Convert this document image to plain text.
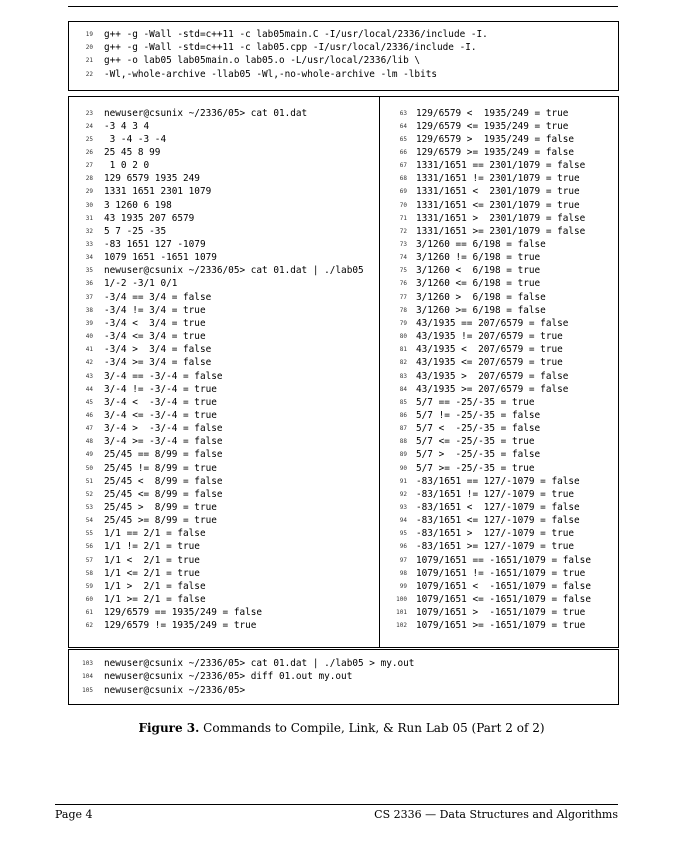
19 g++ -g -Wall -std=c++11 -c lab05main.C -I/usr/local/2336/include -I.
20 g++ -g -Wall -std=c++11 -c lab05.cpp -I/usr/local/2336/include -I.
21 g++ -o lab05 lab05main.o lab05.o -L/usr/local/2336/lib \
22 -Wl,-whole-archive -llab05 -Wl,-no-whole-archive -lm -lbits
23 newuser@csunix ~/2336/05> cat 01.dat
24 -3 4 3 4
25 3 -4 -3 -4
26 25 45 8 99
27 1 0 2 0
28 129 6579 1935 249
29 1331 1651 2301 1079
30 3 1260 6 198
31 43 1935 207 6579
32 5 7 -25 -35
33 -83 1651 127 -1079
34 1079 1651 -1651 1079
35 newuser@csunix ~/2336/05> cat 01.dat | ./lab05
36 1/-2 -3/1 0/1
37 -3/4 == 3/4 = false
38 -3/4 != 3/4 = true
39 -3/4 <  3/4 = true
40 -3/4 <= 3/4 = true
41 -3/4 >  3/4 = false
42 -3/4 >= 3/4 = false
43 3/-4 == -3/-4 = false
44 3/-4 != -3/-4 = true
45 3/-4 <  -3/-4 = true
46 3/-4 <= -3/-4 = true
47 3/-4 >  -3/-4 = false
48 3/-4 >= -3/-4 = false
49 25/45 == 8/99 = false
50 25/45 != 8/99 = true
51 25/45 <  8/99 = false
52 25/45 <= 8/99 = false
53 25/45 >  8/99 = true
54 25/45 >= 8/99 = true
55 1/1 == 2/1 = false
56 1/1 != 2/1 = true
57 1/1 <  2/1 = true
58 1/1 <= 2/1 = true
59 1/1 >  2/1 = false
60 1/1 >= 2/1 = false
61 129/6579 == 1935/249 = false
62 129/6579 != 1935/249 = true
63 129/6579 <  1935/249 = true
64 129/6579 <= 1935/249 = true
65 129/6579 >  1935/249 = false
66 129/6579 >= 1935/249 = false
67 1331/1651 == 2301/1079 = false
68 1331/1651 != 2301/1079 = true
69 1331/1651 <  2301/1079 = true
70 1331/1651 <= 2301/1079 = true
71 1331/1651 >  2301/1079 = false
72 1331/1651 >= 2301/1079 = false
73 3/1260 == 6/198 = false
74 3/1260 != 6/198 = true
75 3/1260 <  6/198 = true
76 3/1260 <= 6/198 = true
77 3/1260 >  6/198 = false
78 3/1260 >= 6/198 = false
79 43/1935 == 207/6579 = false
80 43/1935 != 207/6579 = true
81 43/1935 <  207/6579 = true
82 43/1935 <= 207/6579 = true
83 43/1935 >  207/6579 = false
84 43/1935 >= 207/6579 = false
85 5/7 == -25/-35 = true
86 5/7 != -25/-35 = false
87 5/7 <  -25/-35 = false
88 5/7 <= -25/-35 = true
89 5/7 >  -25/-35 = false
90 5/7 >= -25/-35 = true
91 -83/1651 == 127/-1079 = false
92 -83/1651 != 127/-1079 = true
93 -83/1651 <  127/-1079 = false
94 -83/1651 <= 127/-1079 = false
95 -83/1651 >  127/-1079 = true
96 -83/1651 >= 127/-1079 = true
97 1079/1651 == -1651/1079 = false
98 1079/1651 != -1651/1079 = true
99 1079/1651 <  -1651/1079 = false
100 1079/1651 <= -1651/1079 = false
101 1079/1651 >  -1651/1079 = true
102 1079/1651 >= -1651/1079 = true
103 newuser@csunix ~/2336/05> cat 01.dat | ./lab05 > my.out
104 newuser@csunix ~/2336/05> diff 01.out my.out
105 newuser@csunix ~/2336/05>
Figure 3. Commands to Compile, Link, & Run Lab 05 (Part 2 of 2)
Page 4	CS 2336 — Data Structures and Algorithms
